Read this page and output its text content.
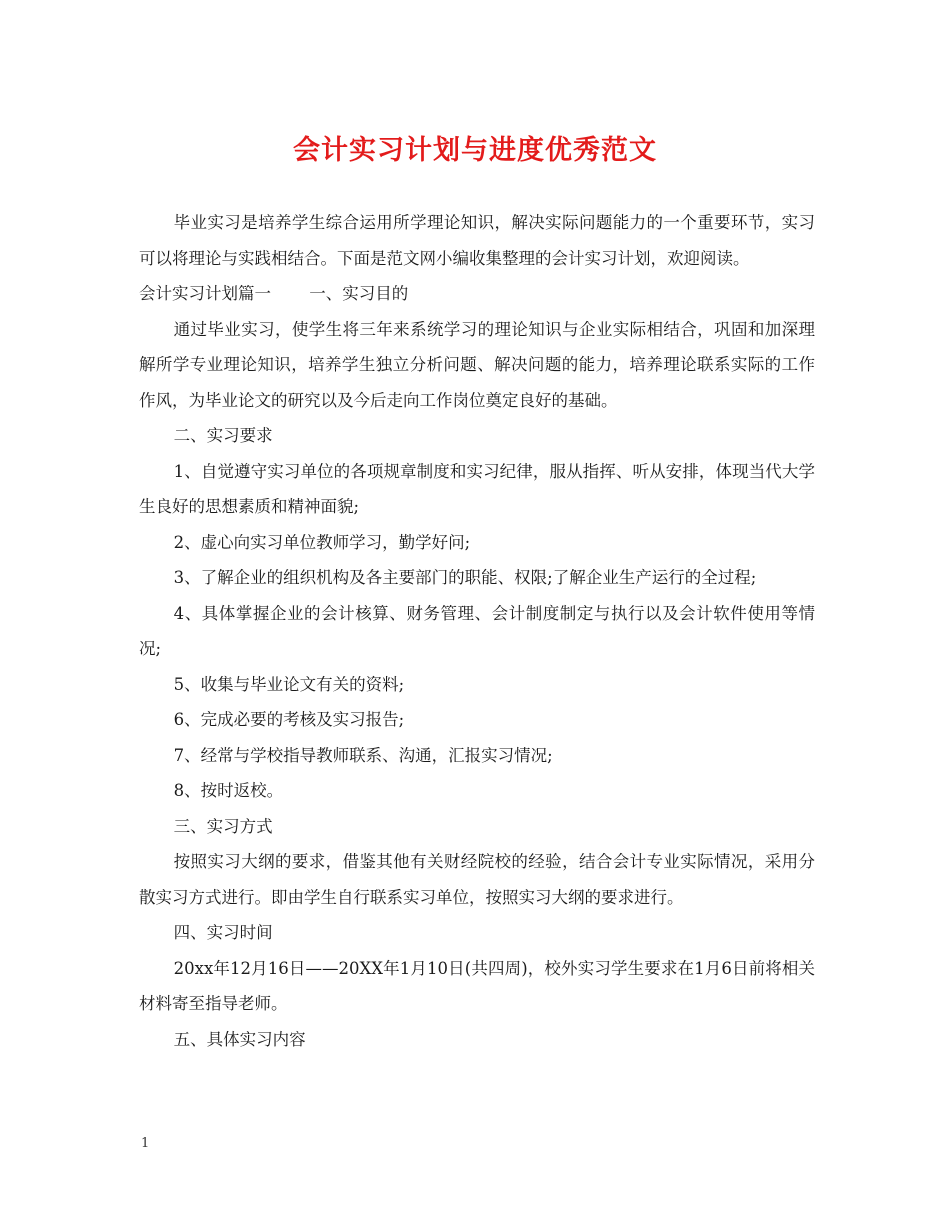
会计实习计划与进度优秀范文

毕业实习是培养学生综合运用所学理论知识，解决实际问题能力的一个重要环节，实习可以将理论与实践相结合。下面是范文网小编收集整理的会计实习计划，欢迎阅读。

会计实习计划篇一　　 一、实习目的

通过毕业实习，使学生将三年来系统学习的理论知识与企业实际相结合，巩固和加深理解所学专业理论知识，培养学生独立分析问题、解决问题的能力，培养理论联系实际的工作作风，为毕业论文的研究以及今后走向工作岗位奠定良好的基础。

二、实习要求

1、自觉遵守实习单位的各项规章制度和实习纪律，服从指挥、听从安排，体现当代大学生良好的思想素质和精神面貌;

2、虚心向实习单位教师学习，勤学好问;

3、了解企业的组织机构及各主要部门的职能、权限;了解企业生产运行的全过程;

4、具体掌握企业的会计核算、财务管理、会计制度制定与执行以及会计软件使用等情况;

5、收集与毕业论文有关的资料;

6、完成必要的考核及实习报告;

7、经常与学校指导教师联系、沟通，汇报实习情况;

8、按时返校。

三、实习方式

按照实习大纲的要求，借鉴其他有关财经院校的经验，结合会计专业实际情况，采用分散实习方式进行。即由学生自行联系实习单位，按照实习大纲的要求进行。

四、实习时间

20xx年12月16日——20XX年1月10日(共四周)，校外实习学生要求在1月6日前将相关材料寄至指导老师。

五、具体实习内容

1
